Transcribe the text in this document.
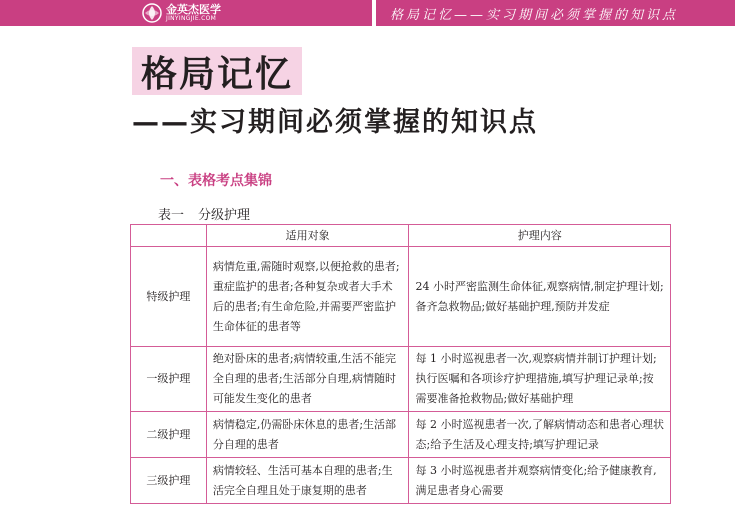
金英杰医学
JINYINGJIE.COM	格局记忆——实习期间必须掌握的知识点
格局记忆
——实习期间必须掌握的知识点
一、表格考点集锦
表一 分级护理
	适用对象	护理内容
特级护理	病情危重,需随时观察,以便抢救的患者;重症监护的患者;各种复杂或者大手术后的患者;有生命危险,并需要严密监护生命体征的患者等	24 小时严密监测生命体征,观察病情,制定护理计划;备齐急救物品;做好基础护理,预防并发症
一级护理	绝对卧床的患者;病情较重,生活不能完全自理的患者;生活部分自理,病情随时可能发生变化的患者	每 1 小时巡视患者一次,观察病情并制订护理计划;执行医嘱和各项诊疗护理措施,填写护理记录单;按需要准备抢救物品;做好基础护理
二级护理	病情稳定,仍需卧床休息的患者;生活部分自理的患者	每 2 小时巡视患者一次,了解病情动态和患者心理状态;给予生活及心理支持;填写护理记录
三级护理	病情较轻、生活可基本自理的患者;生活完全自理且处于康复期的患者	每 3 小时巡视患者并观察病情变化;给予健康教育,满足患者身心需要
